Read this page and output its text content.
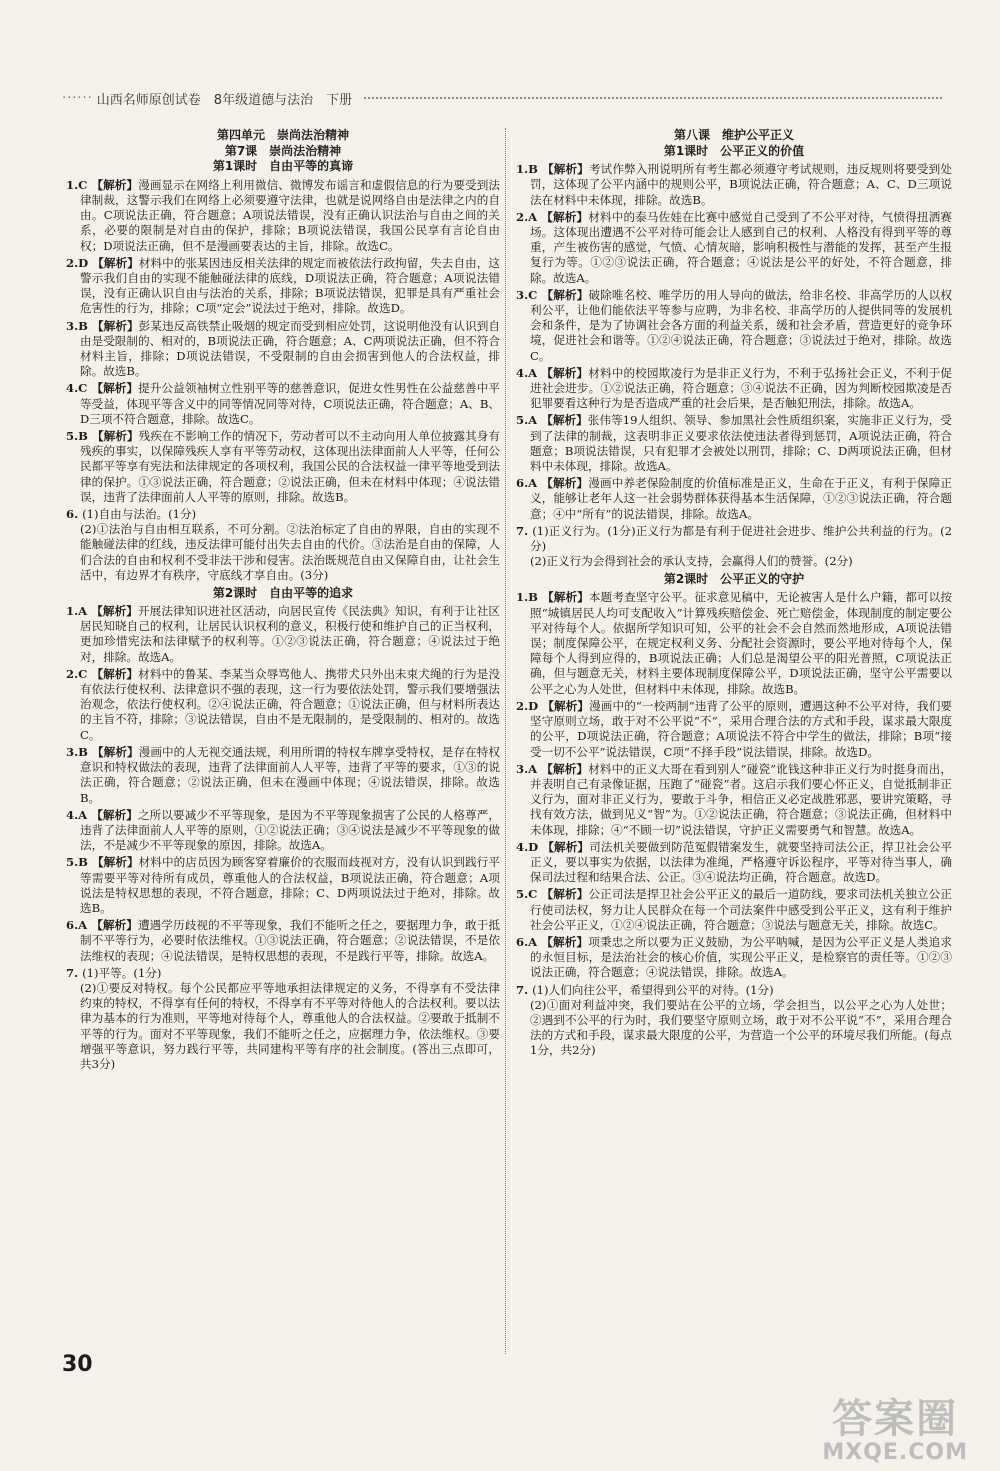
······ 山西名师原创试卷　8年级道德与法治　下册
第四单元　崇尚法治精神
第7课　崇尚法治精神
第1课时　自由平等的真谛
1.C 【解析】漫画显示在网络上利用微信、微博发布谣言和虚假信息的行为要受到法律制裁，这警示我们在网络上必须要遵守法律，也就是说网络自由是法律之内的自由。C项说法正确，符合题意；A项说法错误，没有正确认识法治与自由之间的关系，必要的限制是对自由的保护，排除；B项说法错误，我国公民享有言论自由权；D项说法正确，但不是漫画要表达的主旨，排除。故选C。
2.D 【解析】材料中的张某因违反相关法律的规定而被依法行政拘留，失去自由，这警示我们自由的实现不能触碰法律的底线，D项说法正确，符合题意；A项说法错误，没有正确认识自由与法治的关系，排除；B项说法错误，犯罪是具有严重社会危害性的行为，排除；C项“定会”说法过于绝对，排除。故选D。
3.B 【解析】彭某违反高铁禁止吸烟的规定而受到相应处罚，这说明他没有认识到自由是受限制的、相对的，B项说法正确，符合题意；A、C两项说法正确，但不符合材料主旨，排除；D项说法错误，不受限制的自由会损害到他人的合法权益，排除。故选B。
4.C 【解析】提升公益领袖树立性别平等的慈善意识，促进女性男性在公益慈善中平等受益，体现平等含义中的同等情况同等对待，C项说法正确，符合题意；A、B、D三项不符合题意，排除。故选C。
5.B 【解析】残疾在不影响工作的情况下，劳动者可以不主动向用人单位披露其身有残疾的事实，以保障残疾人享有平等劳动权，这体现出法律面前人人平等，任何公民都平等享有宪法和法律规定的各项权利，我国公民的合法权益一律平等地受到法律的保护。①③说法正确，符合题意；②说法正确，但未在材料中体现；④说法错误，违背了法律面前人人平等的原则，排除。故选B。
6. (1)自由与法治。(1分)
(2)①法治与自由相互联系，不可分割。②法治标定了自由的界限，自由的实现不能触碰法律的红线，违反法律可能付出失去自由的代价。③法治是自由的保障，人们合法的自由和权利不受非法干涉和侵害。法治既规范自由又保障自由，让社会生活中，有边界才有秩序，守底线才享自由。(3分)
第2课时　自由平等的追求
1.A 【解析】开展法律知识进社区活动，向居民宣传《民法典》知识，有利于让社区居民知晓自己的权利，让居民认识权利的意义，积极行使和维护自己的正当权利，更加珍惜宪法和法律赋予的权利等。①②③说法正确，符合题意；④说法过于绝对，排除。故选A。
2.C 【解析】材料中的鲁某、李某当众辱骂他人、携带犬只外出未束犬绳的行为是没有依法行使权利、法律意识不强的表现，这一行为要依法处罚，警示我们要增强法治观念，依法行使权利。②④说法正确，符合题意；①说法正确，但与材料所表达的主旨不符，排除；③说法错误，自由不是无限制的，是受限制的、相对的。故选C。
3.B 【解析】漫画中的人无视交通法规，利用所谓的特权车牌享受特权，是存在特权意识和特权做法的表现，违背了法律面前人人平等，违背了平等的要求，①③的说法正确，符合题意；②说法正确，但未在漫画中体现；④说法错误，排除。故选B。
4.A 【解析】之所以要减少不平等现象，是因为不平等现象损害了公民的人格尊严，违背了法律面前人人平等的原则，①②说法正确；③④说法是减少不平等现象的做法，不是减少不平等现象的原因，排除。故选A。
5.B 【解析】材料中的店员因为顾客穿着廉价的衣服而歧视对方，没有认识到践行平等需要平等对待所有成员，尊重他人的合法权益，B项说法正确，符合题意；A项说法是特权思想的表现，不符合题意，排除；C、D两项说法过于绝对，排除。故选B。
6.A 【解析】遭遇学历歧视的不平等现象，我们不能听之任之，要据理力争，敢于抵制不平等行为，必要时依法维权。①③说法正确，符合题意；②说法错误，不是依法维权的表现；④说法错误，是特权思想的表现，不是践行平等，排除。故选A。
7. (1)平等。(1分)
(2)①要反对特权。每个公民都应平等地承担法律规定的义务，不得享有不受法律约束的特权，不得享有任何的特权，不得享有不平等对待他人的合法权利。要以法律为基本的行为准则，平等地对待每个人，尊重他人的合法权益。②要敢于抵制不平等的行为。面对不平等现象，我们不能听之任之，应据理力争，依法维权。③要增强平等意识，努力践行平等，共同建构平等有序的社会制度。(答出三点即可，共3分)
第八课　维护公平正义
第1课时　公平正义的价值
1.B 【解析】考试作弊入刑说明所有考生都必须遵守考试规则，违反规则将要受到处罚，这体现了公平内涵中的规则公平，B项说法正确，符合题意；A、C、D三项说法在材料中未体现，排除。故选B。
2.A 【解析】材料中的泰马佐娃在比赛中感觉自己受到了不公平对待，气愤得扭洒赛场。这体现出遭遇不公平对待可能会让人感到自己的权利、人格没有得到平等的尊重，产生被伤害的感觉，气愤、心情灰暗，影响积极性与潜能的发挥，甚至产生报复行为等。①②③说法正确，符合题意；④说法是公平的好处，不符合题意，排除。故选A。
3.C 【解析】破除唯名校、唯学历的用人导向的做法，给非名校、非高学历的人以权利公平，让他们能依法平等参与应聘，为非名校、非高学历的人提供同等的发展机会和条件，是为了协调社会各方面的利益关系，缓和社会矛盾，营造更好的竞争环境，促进社会和谐等。①②④说法正确，符合题意；③说法过于绝对，排除。故选C。
4.A 【解析】材料中的校园欺凌行为是非正义行为，不利于弘扬社会正义，不利于促进社会进步。①②说法正确，符合题意；③④说法不正确，因为判断校园欺凌是否犯罪要看这种行为是否造成严重的社会后果，是否触犯刑法，排除。故选A。
5.A 【解析】张伟等19人组织、领导、参加黑社会性质组织案，实施非正义行为，受到了法律的制裁，这表明非正义要求依法使违法者得到惩罚，A项说法正确，符合题意；B项说法错误，只有犯罪才会被处以刑罚，排除；C、D两项说法正确，但材料中未体现，排除。故选A。
6.A 【解析】漫画中养老保险制度的价值标准是正义，生命在于正义，有利于保障正义，能够让老年人这一社会弱势群体获得基本生活保障，①②③说法正确，符合题意；④中“所有”的说法错误，排除。故选A。
7. (1)正义行为。(1分)正义行为都是有利于促进社会进步、维护公共利益的行为。(2分)
(2)正义行为会得到社会的承认支持，会赢得人们的赞誉。(2分)
第2课时　公平正义的守护
1.B 【解析】本题考查坚守公平。征求意见稿中，无论被害人是什么户籍，都可以按照“城镇居民人均可支配收入”计算残疾赔偿金、死亡赔偿金，体现制度的制定要公平对待每个人。依据所学知识可知，公平的社会不会自然而然地形成，A项说法错误；制度保障公平，在规定权利义务、分配社会资源时，要公平地对待每个人，保障每个人得到应得的，B项说法正确；人们总是渴望公平的阳光普照，C项说法正确，但与题意无关，材料主要体现制度保障公平，D项说法正确，坚守公平需要以公平之心为人处世，但材料中未体现，排除。故选B。
2.D 【解析】漫画中的“一校两制”违背了公平的原则，遭遇这种不公平对待，我们要坚守原则立场，敢于对不公平说“不”，采用合理合法的方式和手段，谋求最大限度的公平，D项说法正确，符合题意；A项说法不符合中学生的做法，排除；B项“接受一切不公平”说法错误，C项“不择手段”说法错误，排除。故选D。
3.A 【解析】材料中的正义大哥在看到别人“碰瓷”讹钱这种非正义行为时挺身而出，并表明自己有录像证据，压跑了“碰瓷”者。这启示我们要心怀正义，自觉抵制非正义行为，面对非正义行为，要敢于斗争，相信正义必定战胜邪恶，要讲究策略，寻找有效方法，做到见义“智”为。①②说法正确，符合题意；③说法正确，但材料中未体现，排除；④“不顾一切”说法错误，守护正义需要勇气和智慧。故选A。
4.D 【解析】司法机关要做到防范冤假错案发生，就要坚持司法公正，捍卫社会公平正义，要以事实为依据，以法律为准绳，严格遵守诉讼程序，平等对待当事人，确保司法过程和结果合法、公正。③④说法均正确，符合题意。故选D。
5.C 【解析】公正司法是捍卫社会公平正义的最后一道防线，要求司法机关独立公正行使司法权，努力让人民群众在每一个司法案件中感受到公平正义，这有利于维护社会公平正义，①②④说法正确，符合题意；③说法与题意无关，排除。故选C。
6.A 【解析】项秉忠之所以要为正义鼓励，为公平呐喊，是因为公平正义是人类追求的永恒目标，是法治社会的核心价值，实现公平正义，是检察官的责任等。①②③说法正确，符合题意；④说法错误，排除。故选A。
7. (1)人们向往公平，希望得到公平的对待。(1分)
(2)①面对利益冲突，我们要站在公平的立场，学会担当，以公平之心为人处世；②遇到不公平的行为时，我们要坚守原则立场，敢于对不公平说“不”，采用合理合法的方式和手段，谋求最大限度的公平，为营造一个公平的环境尽我们所能。(每点1分，共2分)
30
答案圈
MXQE.COM
